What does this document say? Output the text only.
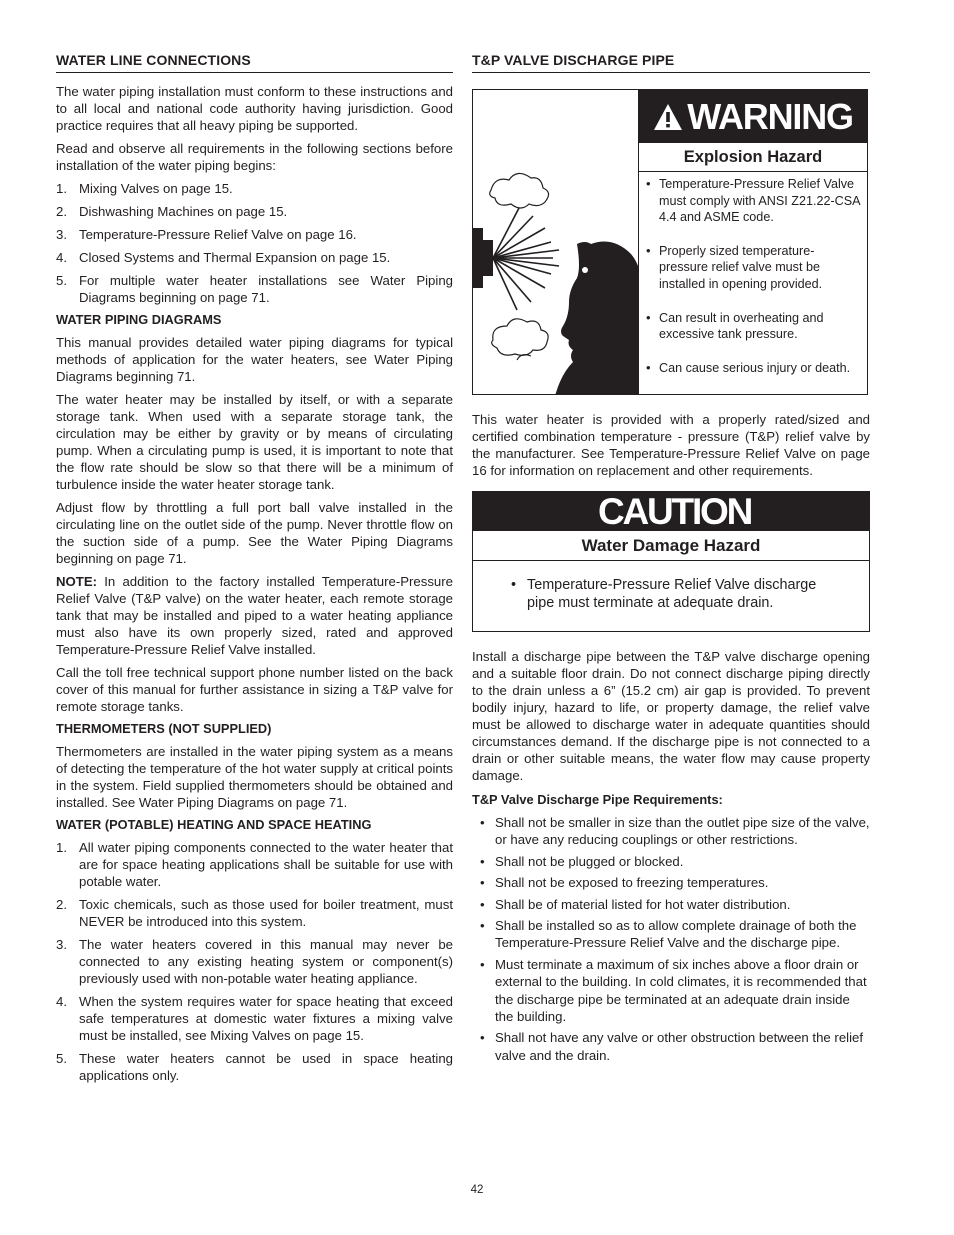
WATER LINE CONNECTIONS

The water piping installation must conform to these instructions and to all local and national code authority having jurisdiction. Good practice requires that all heavy piping be supported.

Read and observe all requirements in the following sections before installation of the water piping begins:

1. Mixing Valves on page 15.
2. Dishwashing Machines on page 15.
3. Temperature-Pressure Relief Valve on page 16.
4. Closed Systems and Thermal Expansion on page 15.
5. For multiple water heater installations see Water Piping Diagrams beginning on page 71.
WATER PIPING DIAGRAMS

This manual provides detailed water piping diagrams for typical methods of application for the water heaters, see Water Piping Diagrams beginning 71.

The water heater may be installed by itself, or with a separate storage tank. When used with a separate storage tank, the circulation may be either by gravity or by means of circulating pump. When a circulating pump is used, it is important to note that the flow rate should be slow so that there will be a minimum of turbulence inside the water heater storage tank.

Adjust flow by throttling a full port ball valve installed in the circulating line on the outlet side of the pump. Never throttle flow on the suction side of a pump. See the Water Piping Diagrams beginning on page 71.

NOTE: In addition to the factory installed Temperature-Pressure Relief Valve (T&P valve) on the water heater, each remote storage tank that may be installed and piped to a water heating appliance must also have its own properly sized, rated and approved Temperature-Pressure Relief Valve installed.

Call the toll free technical support phone number listed on the back cover of this manual for further assistance in sizing a T&P valve for remote storage tanks.

THERMOMETERS (NOT SUPPLIED)

Thermometers are installed in the water piping system as a means of detecting the temperature of the hot water supply at critical points in the system. Field supplied thermometers should be obtained and installed. See Water Piping Diagrams on page 71.

WATER (POTABLE) HEATING AND SPACE HEATING
1. All water piping components connected to the water heater that are for space heating applications shall be suitable for use with potable water.
2. Toxic chemicals, such as those used for boiler treatment, must NEVER be introduced into this system.
3. The water heaters covered in this manual may never be connected to any existing heating system or component(s) previously used with non-potable water heating appliance.
4. When the system requires water for space heating that exceed safe temperatures at domestic water fixtures a mixing valve must be installed, see Mixing Valves on page 15.
5. These water heaters cannot be used in space heating applications only.
T&P VALVE DISCHARGE PIPE
WARNING
Explosion Hazard
• Temperature-Pressure Relief Valve must comply with ANSI Z21.22-CSA 4.4 and ASME code.
• Properly sized temperature-pressure relief valve must be installed in opening provided.
• Can result in overheating and excessive tank pressure.
• Can cause serious injury or death.

This water heater is provided with a properly rated/sized and certified combination temperature - pressure (T&P) relief valve by the manufacturer. See Temperature-Pressure Relief Valve on page 16 for information on replacement and other requirements.

CAUTION
Water Damage Hazard
• Temperature-Pressure Relief Valve discharge pipe must terminate at adequate drain.

Install a discharge pipe between the T&P valve discharge opening and a suitable floor drain. Do not connect discharge piping directly to the drain unless a 6” (15.2 cm) air gap is provided. To prevent bodily injury, hazard to life, or property damage, the relief valve must be allowed to discharge water in adequate quantities should circumstances demand. If the discharge pipe is not connected to a drain or other suitable means, the water flow may cause property damage.

T&P Valve Discharge Pipe Requirements:
• Shall not be smaller in size than the outlet pipe size of the valve, or have any reducing couplings or other restrictions.
• Shall not be plugged or blocked.
• Shall not be exposed to freezing temperatures.
• Shall be of material listed for hot water distribution.
• Shall be installed so as to allow complete drainage of both the Temperature-Pressure Relief Valve and the discharge pipe.
• Must terminate a maximum of six inches above a floor drain or external to the building. In cold climates, it is recommended that the discharge pipe be terminated at an adequate drain inside the building.
• Shall not have any valve or other obstruction between the relief valve and the drain.
42
